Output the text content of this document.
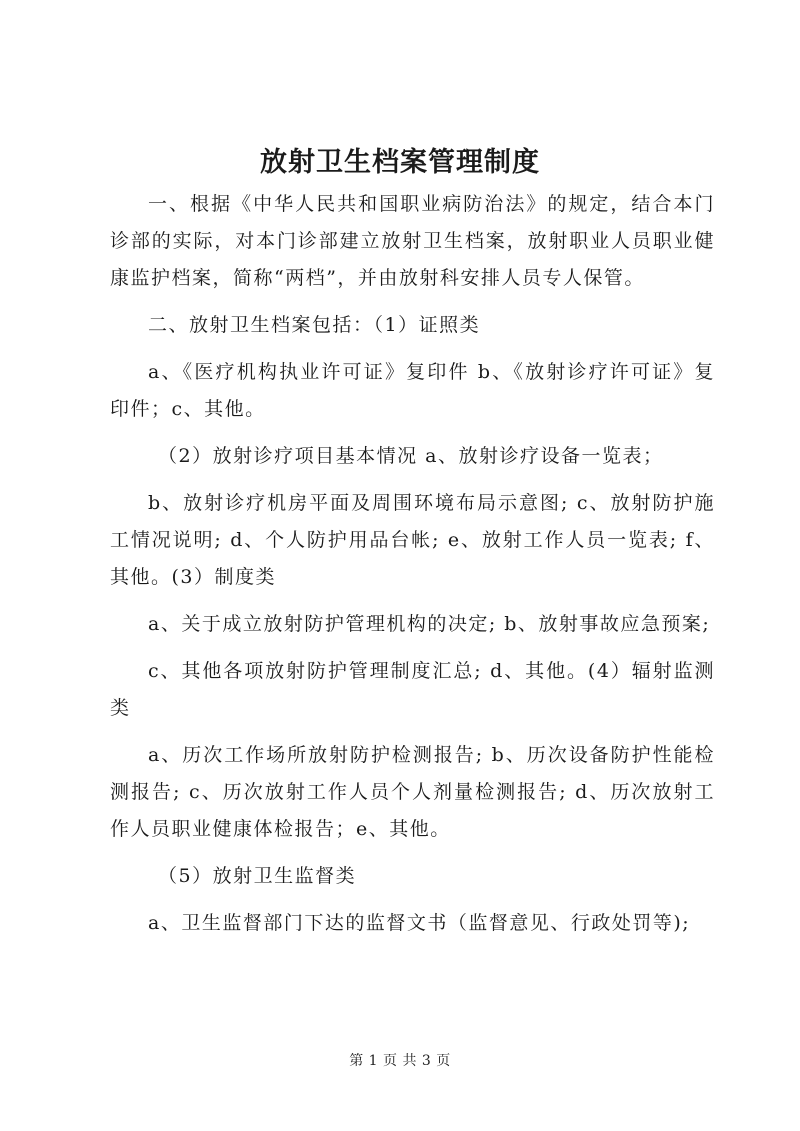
放射卫生档案管理制度

一、根据《中华人民共和国职业病防治法》的规定，结合本门诊部的实际，对本门诊部建立放射卫生档案，放射职业人员职业健康监护档案，简称“两档”，并由放射科安排人员专人保管。

二、放射卫生档案包括：（1）证照类

a、《医疗机构执业许可证》复印件 b、《放射诊疗许可证》复印件；c、其他。

（2）放射诊疗项目基本情况 a、放射诊疗设备一览表；

b、放射诊疗机房平面及周围环境布局示意图; c、放射防护施工情况说明; d、个人防护用品台帐; e、放射工作人员一览表; f、其他。(3）制度类

a、关于成立放射防护管理机构的决定; b、放射事故应急预案;

c、其他各项放射防护管理制度汇总; d、其他。(4）辐射监测类

a、历次工作场所放射防护检测报告; b、历次设备防护性能检测报告; c、历次放射工作人员个人剂量检测报告; d、历次放射工作人员职业健康体检报告；e、其他。

（5）放射卫生监督类

a、卫生监督部门下达的监督文书（监督意见、行政处罚等);

第 1 页 共 3 页
